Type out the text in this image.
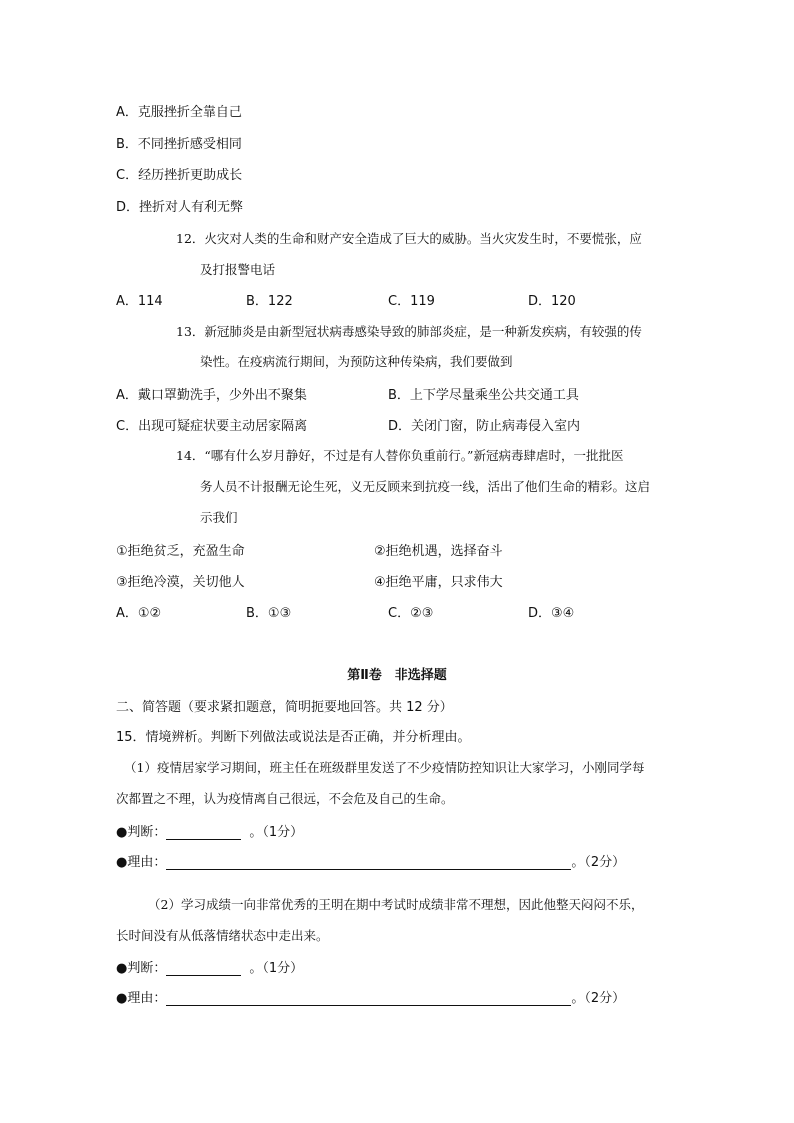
A．克服挫折全靠自己
B．不同挫折感受相同
C．经历挫折更助成长
D．挫折对人有利无弊
12．火灾对人类的生命和财产安全造成了巨大的威胁。当火灾发生时，不要慌张，应
及打报警电话
A．114	B．122	C．119	D．120
13．新冠肺炎是由新型冠状病毒感染导致的肺部炎症，是一种新发疾病，有较强的传
染性。在疫病流行期间，为预防这种传染病，我们要做到
A．戴口罩勤洗手，少外出不聚集	B．上下学尽量乘坐公共交通工具
C．出现可疑症状要主动居家隔离	D．关闭门窗，防止病毒侵入室内
14．“哪有什么岁月静好，不过是有人替你负重前行。”新冠病毒肆虐时，一批批医
务人员不计报酬无论生死，义无反顾来到抗疫一线，活出了他们生命的精彩。这启
示我们
①拒绝贫乏，充盈生命	②拒绝机遇，选择奋斗
③拒绝冷漠，关切他人	④拒绝平庸，只求伟大
A．①②	B．①③	C．②③	D．③④
第Ⅱ卷　非选择题
二、简答题（要求紧扣题意，简明扼要地回答。共 12 分）
15．情境辨析。判断下列做法或说法是否正确，并分析理由。
（1）疫情居家学习期间，班主任在班级群里发送了不少疫情防控知识让大家学习，小刚同学每
次都置之不理，认为疫情离自己很远，不会危及自己的生命。
●判断：	。（1分）
●理由：	。（2分）
（2）学习成绩一向非常优秀的王明在期中考试时成绩非常不理想，因此他整天闷闷不乐，
长时间没有从低落情绪状态中走出来。
●判断：	。（1分）
●理由：	。（2分）
